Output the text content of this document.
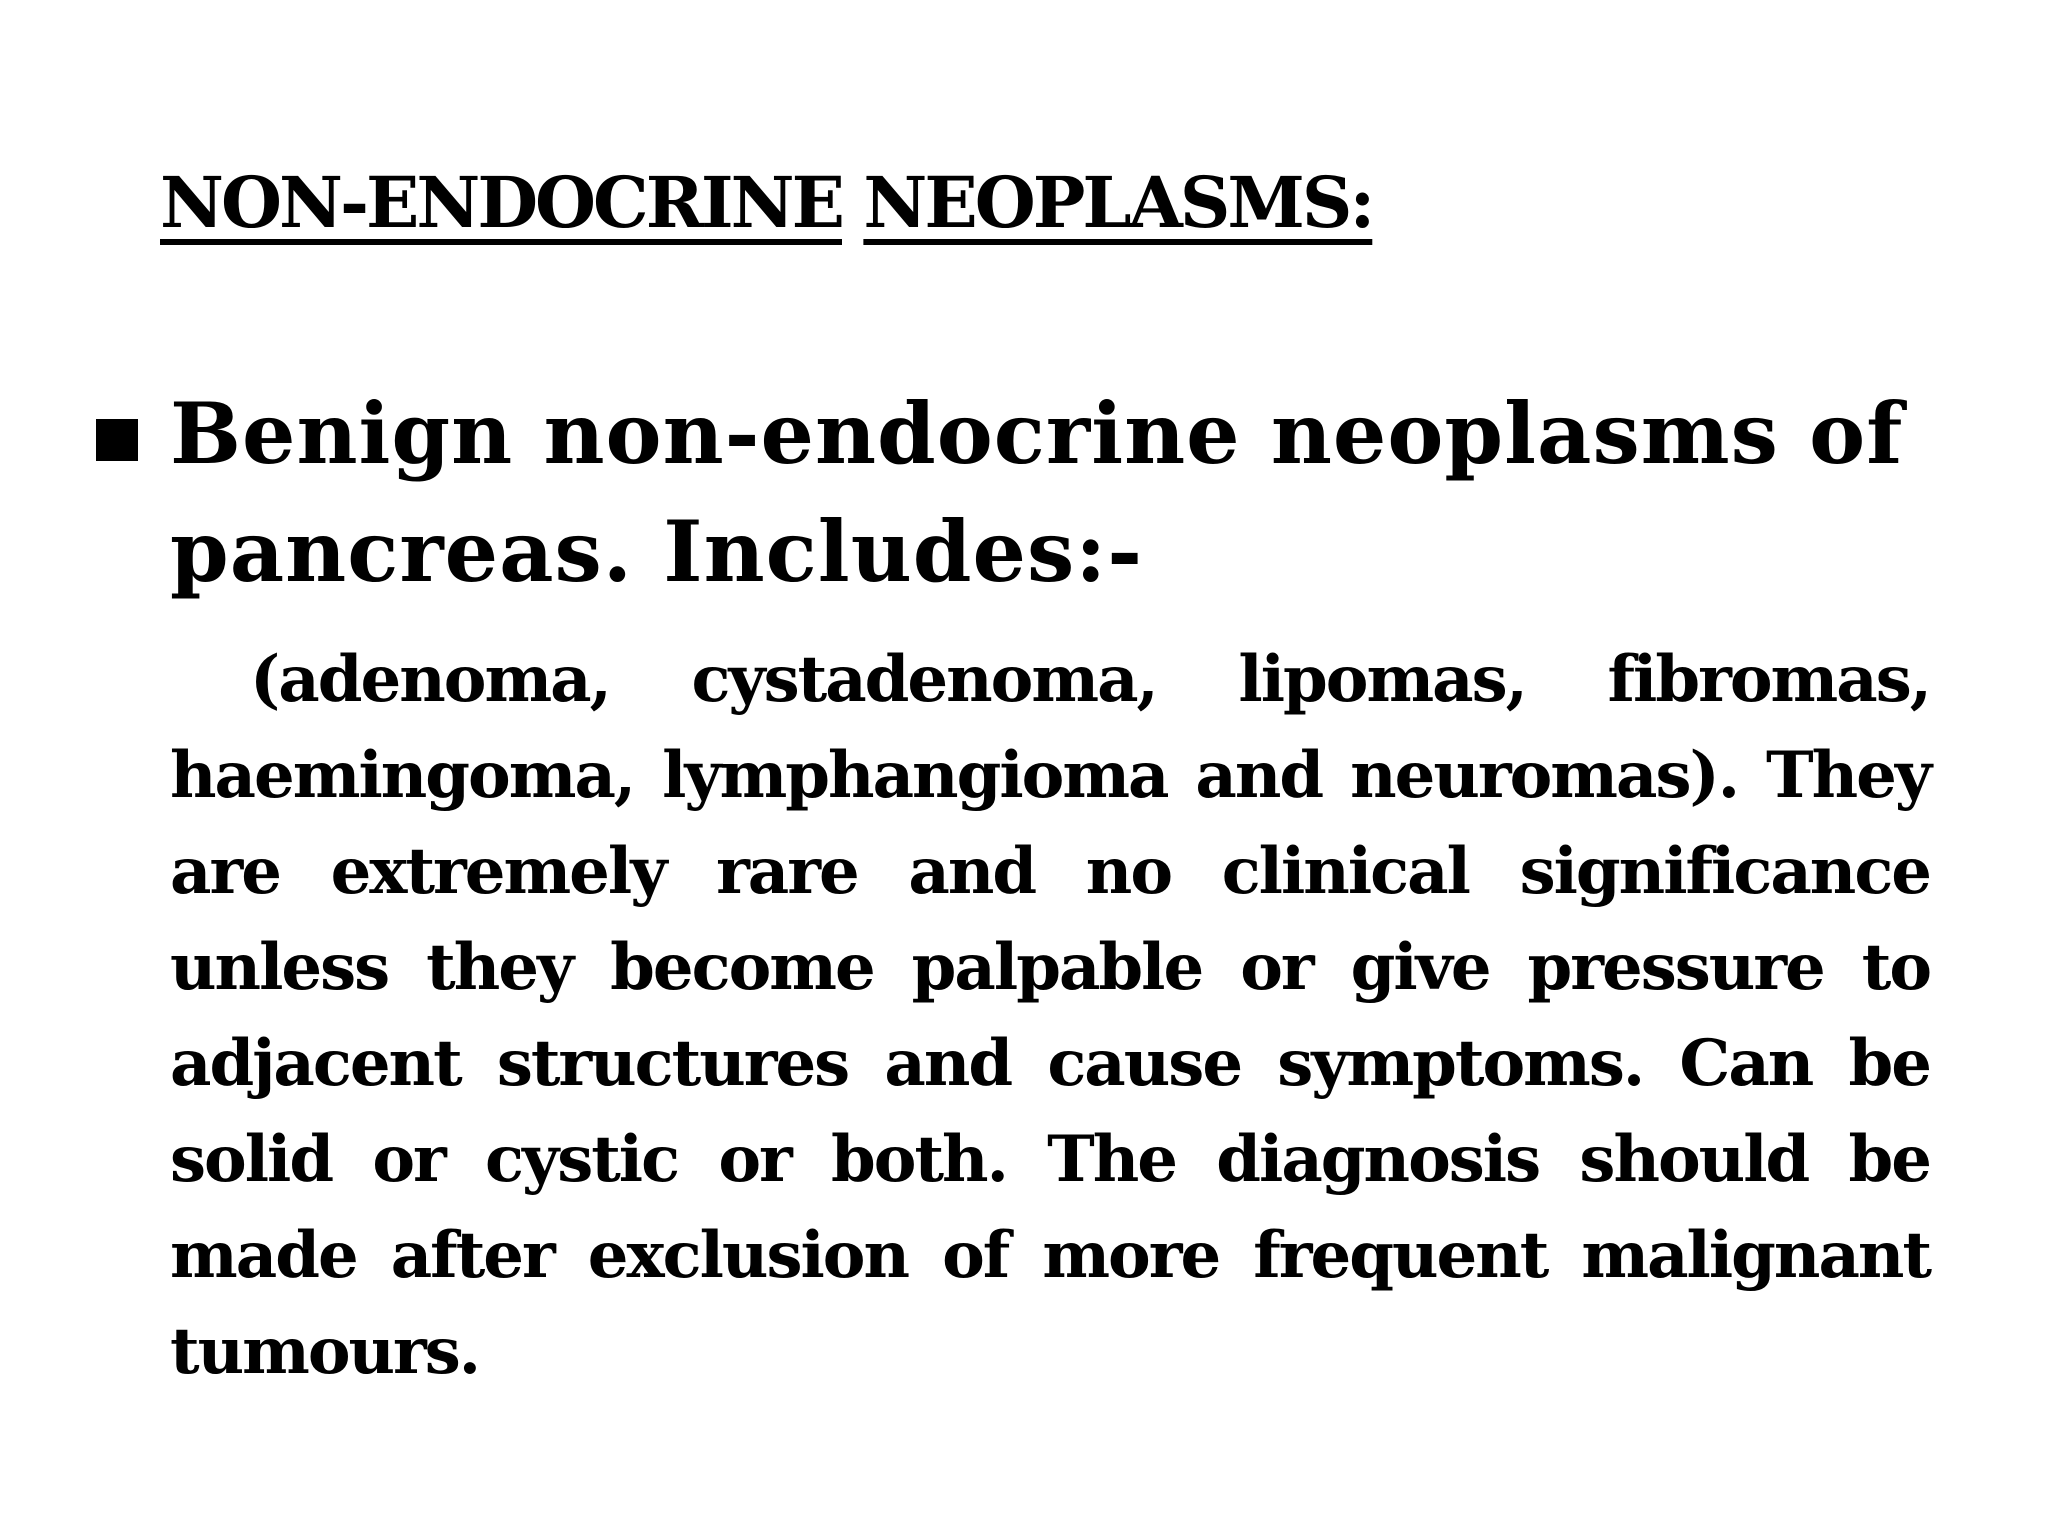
NON-ENDOCRINE NEOPLASMS:
Benign non-endocrine neoplasms of pancreas. Includes:-
(adenoma, cystadenoma, lipomas, fibromas, haemingoma, lymphangioma and neuromas). They are extremely rare and no clinical significance unless they become palpable or give pressure to adjacent structures and cause symptoms. Can be solid or cystic or both. The diagnosis should be made after exclusion of more frequent malignant tumours.
